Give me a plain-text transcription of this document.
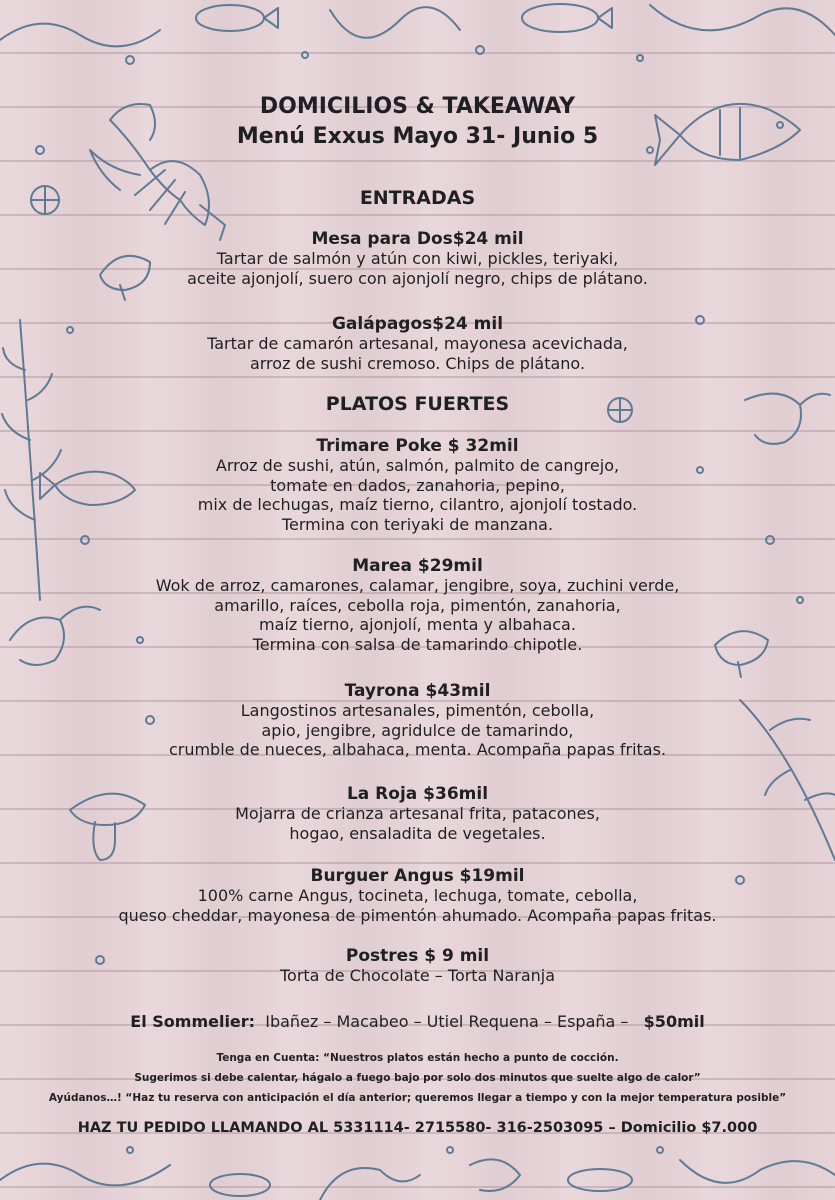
DOMICILIOS & TAKEAWAY
Menú Exxus Mayo 31- Junio 5
ENTRADAS
Mesa para Dos$24 mil
Tartar de salmón y atún con kiwi, pickles, teriyaki,
aceite ajonjolí, suero con ajonjolí negro, chips de plátano.
Galápagos$24 mil
Tartar de camarón artesanal, mayonesa acevichada,
arroz de sushi cremoso. Chips de plátano.
PLATOS FUERTES
Trimare Poke $ 32mil
Arroz de sushi, atún, salmón, palmito de cangrejo,
tomate en dados, zanahoria, pepino,
mix de lechugas, maíz tierno, cilantro, ajonjolí tostado.
Termina con teriyaki de manzana.
Marea $29mil
Wok de arroz, camarones, calamar, jengibre, soya, zuchini verde,
amarillo, raíces, cebolla roja, pimentón, zanahoria,
maíz tierno, ajonjolí, menta y albahaca.
Termina con salsa de tamarindo chipotle.
Tayrona $43mil
Langostinos artesanales, pimentón, cebolla,
apio, jengibre, agridulce de tamarindo,
crumble de nueces, albahaca, menta. Acompaña papas fritas.
La Roja $36mil
Mojarra de crianza artesanal frita, patacones,
hogao, ensaladita de vegetales.
Burguer Angus $19mil
100% carne Angus, tocineta, lechuga, tomate, cebolla,
queso cheddar, mayonesa de pimentón ahumado. Acompaña papas fritas.
Postres $ 9 mil
Torta de Chocolate – Torta Naranja
El Sommelier: Ibañez – Macabeo – Utiel Requena – España – $50mil
Tenga en Cuenta: “Nuestros platos están hecho a punto de cocción.
Sugerimos si debe calentar, hágalo a fuego bajo por solo dos minutos que suelte algo de calor”
Ayúdanos…! “Haz tu reserva con anticipación el día anterior; queremos llegar a tiempo y con la mejor temperatura posible”
HAZ TU PEDIDO LLAMANDO AL 5331114- 2715580- 316-2503095 – Domicilio $7.000
